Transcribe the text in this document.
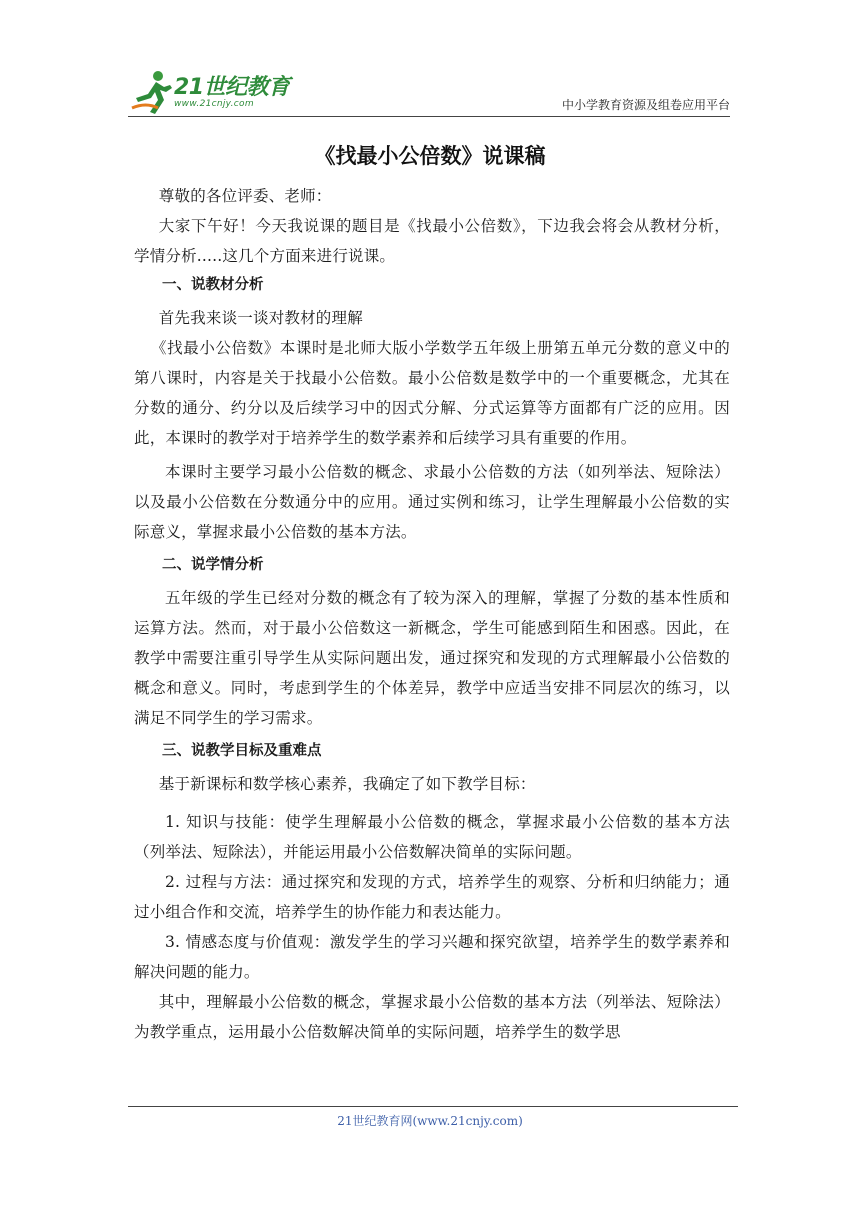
21世纪教育
www.21cnjy.com	中小学教育资源及组卷应用平台
《找最小公倍数》说课稿

尊敬的各位评委、老师：

大家下午好！今天我说课的题目是《找最小公倍数》，下边我会将会从教材分析，学情分析.....这几个方面来进行说课。

一、说教材分析

首先我来谈一谈对教材的理解

《找最小公倍数》本课时是北师大版小学数学五年级上册第五单元分数的意义中的第八课时，内容是关于找最小公倍数。最小公倍数是数学中的一个重要概念，尤其在分数的通分、约分以及后续学习中的因式分解、分式运算等方面都有广泛的应用。因此，本课时的教学对于培养学生的数学素养和后续学习具有重要的作用。

本课时主要学习最小公倍数的概念、求最小公倍数的方法（如列举法、短除法）以及最小公倍数在分数通分中的应用。通过实例和练习，让学生理解最小公倍数的实际意义，掌握求最小公倍数的基本方法。

二、说学情分析

五年级的学生已经对分数的概念有了较为深入的理解，掌握了分数的基本性质和运算方法。然而，对于最小公倍数这一新概念，学生可能感到陌生和困惑。因此，在教学中需要注重引导学生从实际问题出发，通过探究和发现的方式理解最小公倍数的概念和意义。同时，考虑到学生的个体差异，教学中应适当安排不同层次的练习，以满足不同学生的学习需求。

三、说教学目标及重难点

基于新课标和数学核心素养，我确定了如下教学目标：

1. 知识与技能：使学生理解最小公倍数的概念，掌握求最小公倍数的基本方法（列举法、短除法），并能运用最小公倍数解决简单的实际问题。

2. 过程与方法：通过探究和发现的方式，培养学生的观察、分析和归纳能力；通过小组合作和交流，培养学生的协作能力和表达能力。

3. 情感态度与价值观：激发学生的学习兴趣和探究欲望，培养学生的数学素养和解决问题的能力。

其中，理解最小公倍数的概念，掌握求最小公倍数的基本方法（列举法、短除法）为教学重点，运用最小公倍数解决简单的实际问题，培养学生的数学思

21世纪教育网(www.21cnjy.com)
